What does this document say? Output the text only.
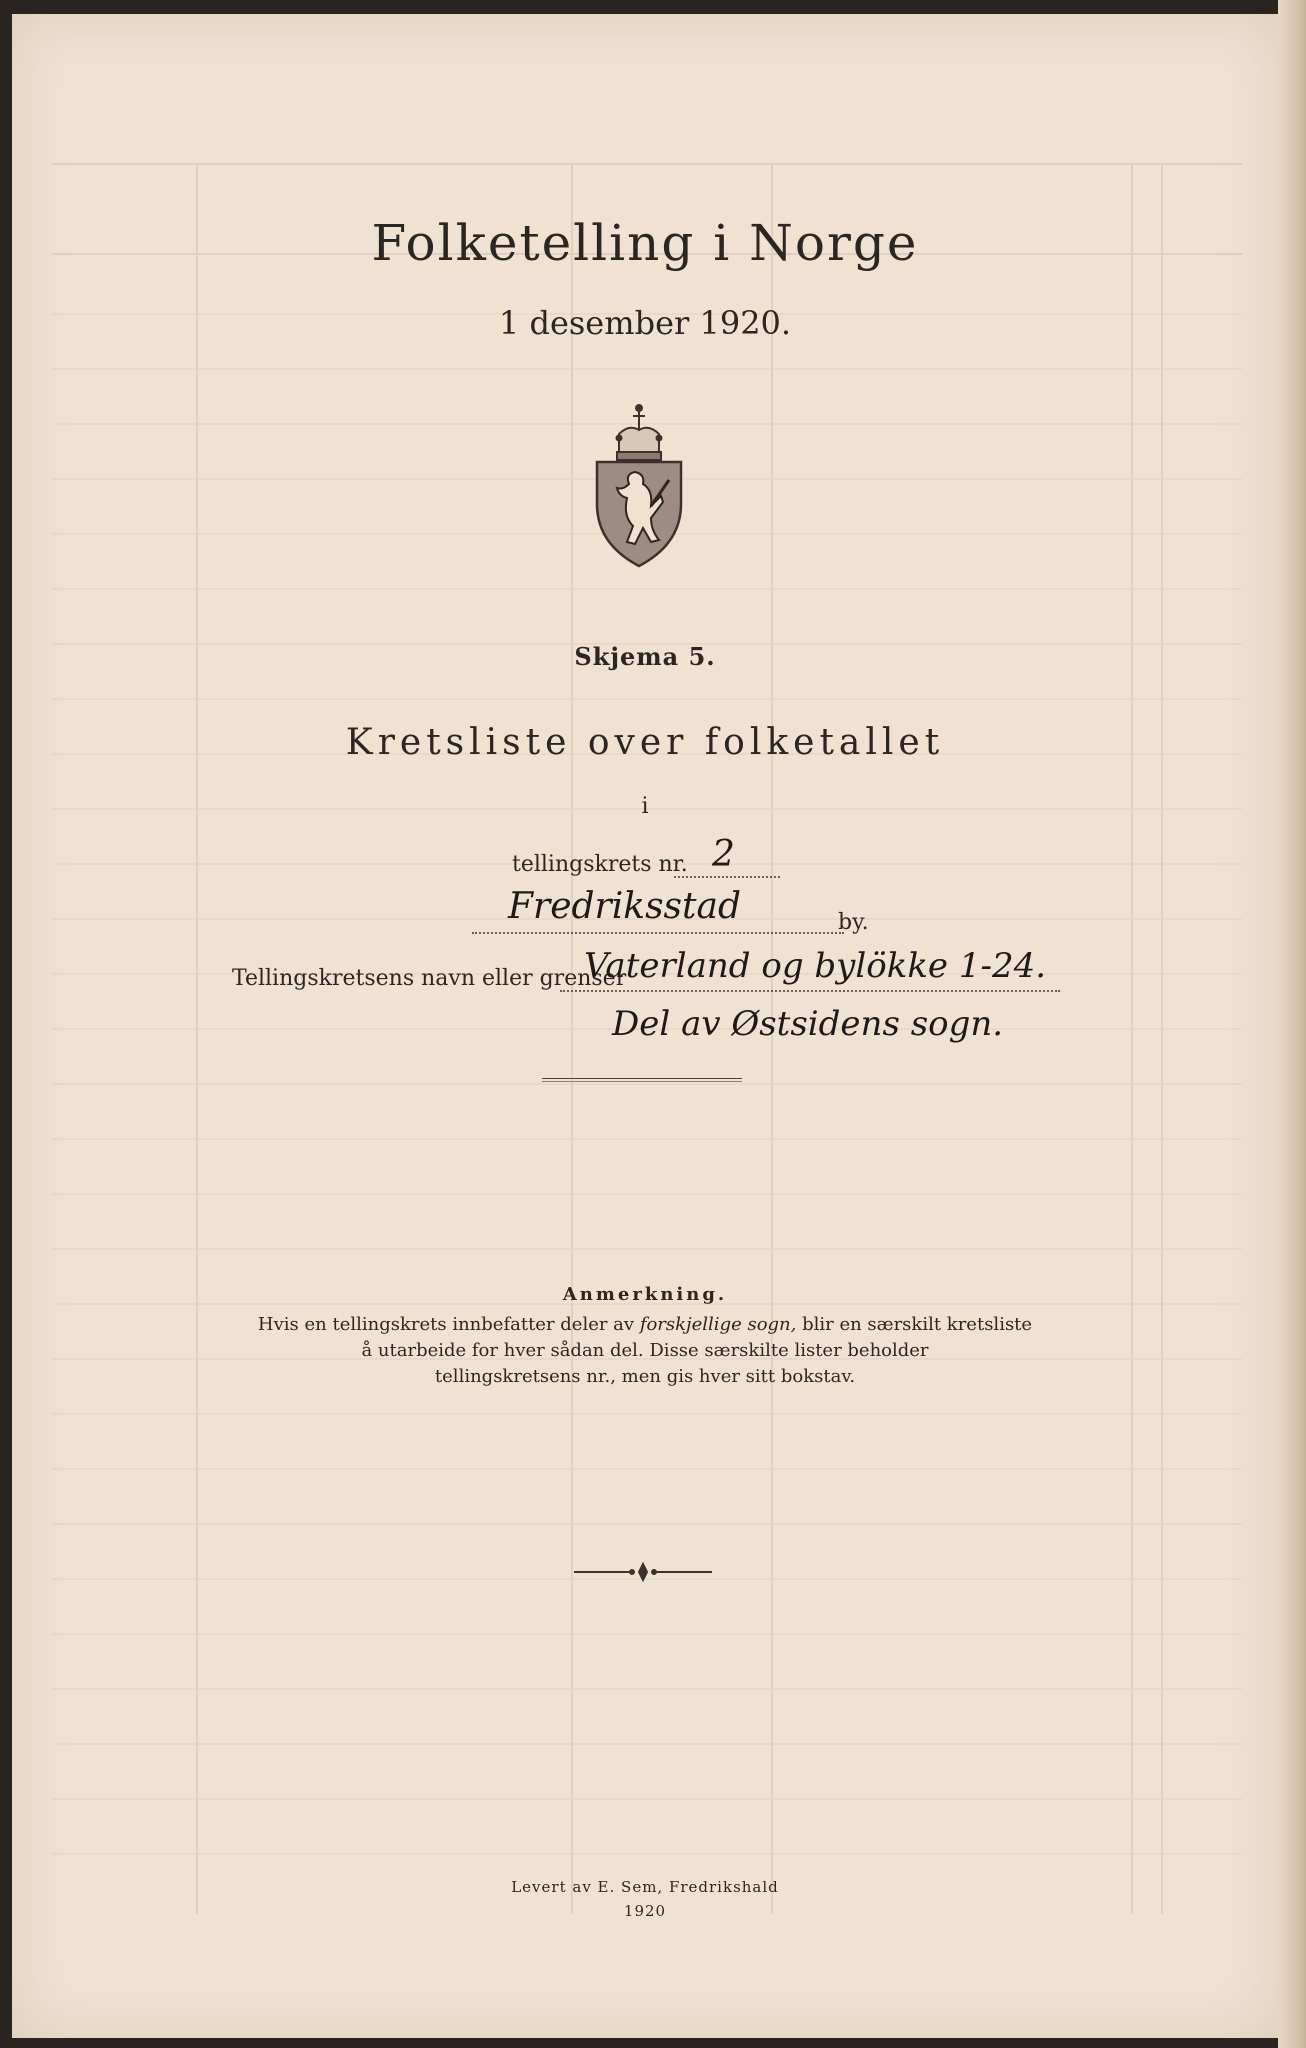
Folketelling i Norge
1 desember 1920.
Skjema 5.
Kretsliste over folketallet
i
tellingskrets nr. 2
Fredriksstad	by.
Tellingskretsens navn eller grenser
Vaterland og bylökke 1-24.
Del av Østsidens sogn.
Anmerkning.
Hvis en tellingskrets innbefatter deler av forskjellige sogn, blir en særskilt kretsliste
å utarbeide for hver sådan del. Disse særskilte lister beholder
tellingskretsens nr., men gis hver sitt bokstav.
Levert av E. Sem, Fredrikshald
1920
